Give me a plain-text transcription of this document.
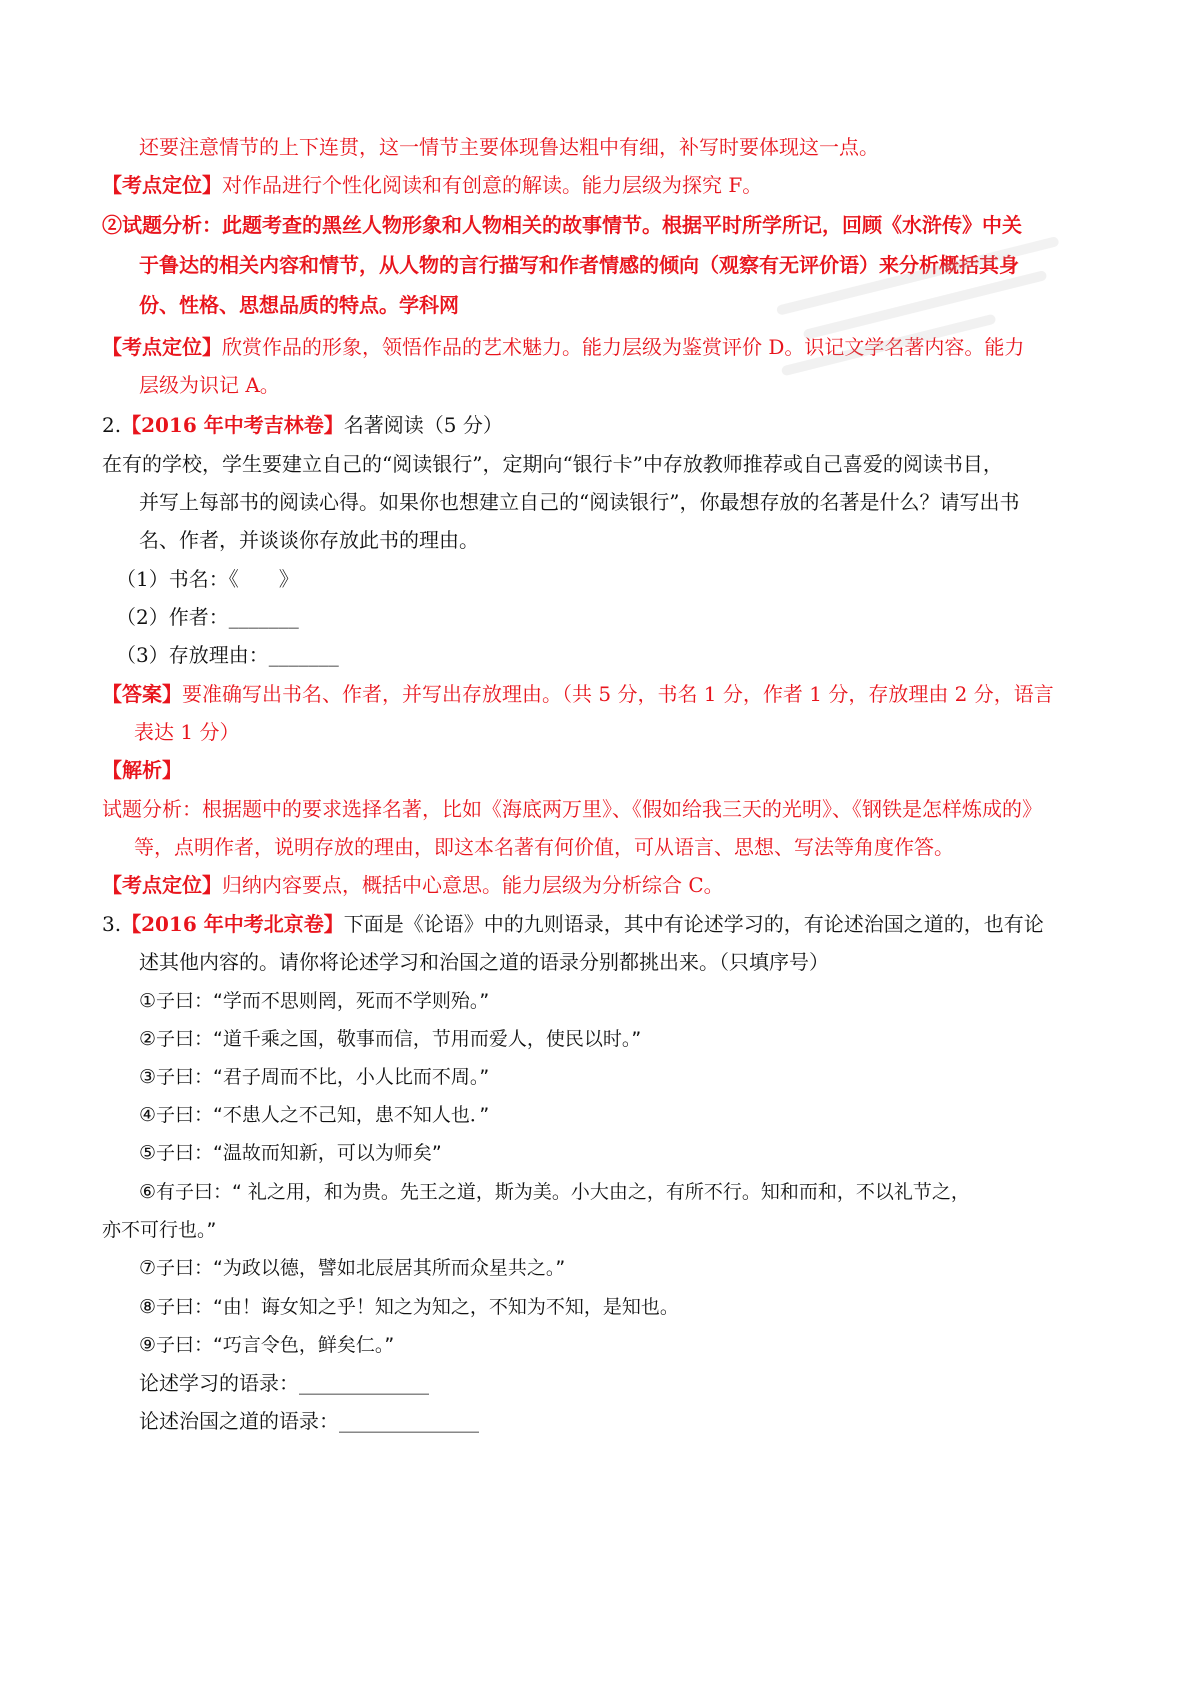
还要注意情节的上下连贯，这一情节主要体现鲁达粗中有细，补写时要体现这一点。
【考点定位】对作品进行个性化阅读和有创意的解读。能力层级为探究 F。
②试题分析：此题考查的黑丝人物形象和人物相关的故事情节。根据平时所学所记，回顾《水浒传》中关
于鲁达的相关内容和情节，从人物的言行描写和作者情感的倾向（观察有无评价语）来分析概括其身
份、性格、思想品质的特点。学科网
【考点定位】欣赏作品的形象，领悟作品的艺术魅力。能力层级为鉴赏评价 D。识记文学名著内容。能力
层级为识记 A。
2.【2016 年中考吉林卷】名著阅读（5 分）
在有的学校，学生要建立自己的“阅读银行”，定期向“银行卡”中存放教师推荐或自己喜爱的阅读书目，
并写上每部书的阅读心得。如果你也想建立自己的“阅读银行”，你最想存放的名著是什么？请写出书
名、作者，并谈谈你存放此书的理由。
（1）书名：《　　》
（2）作者：_______
（3）存放理由：_______
【答案】要准确写出书名、作者，并写出存放理由。（共 5 分，书名 1 分，作者 1 分，存放理由 2 分，语言
表达 1 分）
【解析】
试题分析：根据题中的要求选择名著，比如《海底两万里》、《假如给我三天的光明》、《钢铁是怎样炼成的》
等，点明作者，说明存放的理由，即这本名著有何价值，可从语言、思想、写法等角度作答。
【考点定位】归纳内容要点，概括中心意思。能力层级为分析综合 C。
3.【2016 年中考北京卷】下面是《论语》中的九则语录，其中有论述学习的，有论述治国之道的，也有论
述其他内容的。请你将论述学习和治国之道的语录分别都挑出来。（只填序号）
①子曰：“学而不思则罔，死而不学则殆。”
②子曰：“道千乘之国，敬事而信，节用而爱人，使民以时。”
③子曰：“君子周而不比，小人比而不周。”
④子曰：“不患人之不己知，患不知人也．”
⑤子曰：“温故而知新，可以为师矣”
⑥有子曰：“ 礼之用，和为贵。先王之道，斯为美。小大由之，有所不行。知和而和，不以礼节之，
亦不可行也。”
⑦子曰：“为政以德，譬如北辰居其所而众星共之。”
⑧子曰：“由！诲女知之乎！知之为知之，不知为不知，是知也。
⑨子曰：“巧言令色，鲜矣仁。”
论述学习的语录：_____________
论述治国之道的语录：______________
